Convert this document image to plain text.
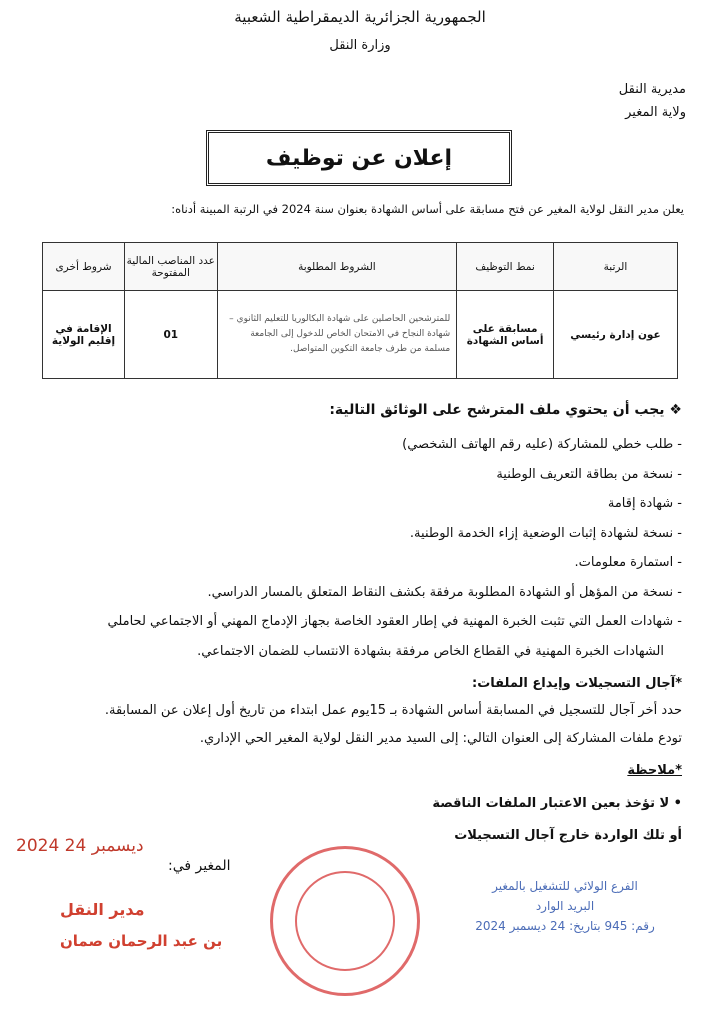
الجمهورية الجزائرية الديمقراطية الشعبية
وزارة النقل
مديرية النقل
ولاية المغير
إعلان عن توظيف
يعلن مدير النقل لولاية المغير عن فتح مسابقة على أساس الشهادة بعنوان سنة 2024 في الرتبة المبينة أدناه:
الرتبة	نمط التوظيف	الشروط المطلوبة	عدد المناصب المالية المفتوحة	شروط أخرى
عون إدارة رئيسي	مسابقة على أساس الشهادة	للمترشحين الحاصلين على شهادة البكالوريا للتعليم الثانوي – شهادة النجاح في الامتحان الخاص للدخول إلى الجامعة مسلمة من طرف جامعة التكوين المتواصل.	01	الإقامة في إقليم الولاية
❖ يجب أن يحتوي ملف المترشح على الوثائق التالية:
- طلب خطي للمشاركة (عليه رقم الهاتف الشخصي)
- نسخة من بطاقة التعريف الوطنية
- شهادة إقامة
- نسخة لشهادة إثبات الوضعية إزاء الخدمة الوطنية.
- استمارة معلومات.
- نسخة من المؤهل أو الشهادة المطلوبة مرفقة بكشف النقاط المتعلق بالمسار الدراسي.
- شهادات العمل التي تثبت الخبرة المهنية في إطار العقود الخاصة بجهاز الإدماج المهني أو الاجتماعي لحاملي
الشهادات الخبرة المهنية في القطاع الخاص مرفقة بشهادة الانتساب للضمان الاجتماعي.
*آجال التسجيلات وإيداع الملفات:
حدد أخر آجال للتسجيل في المسابقة أساس الشهادة بـ 15يوم عمل ابتداء من تاريخ أول إعلان عن المسابقة.
تودع ملفات المشاركة إلى العنوان التالي: إلى السيد مدير النقل لولاية المغير الحي الإداري.
*ملاحظة
• لا تؤخذ بعين الاعتبار الملفات الناقصة
أو تلك الواردة خارج آجال التسجيلات
2024 ديسمبر 24
المغير في:
مدير النقل
بن عبد الرحمان صمان
الفرع الولائي للتشغيل بالمغير
البريد الوارد
رقم: 945 بتاريخ: 24 ديسمبر 2024
